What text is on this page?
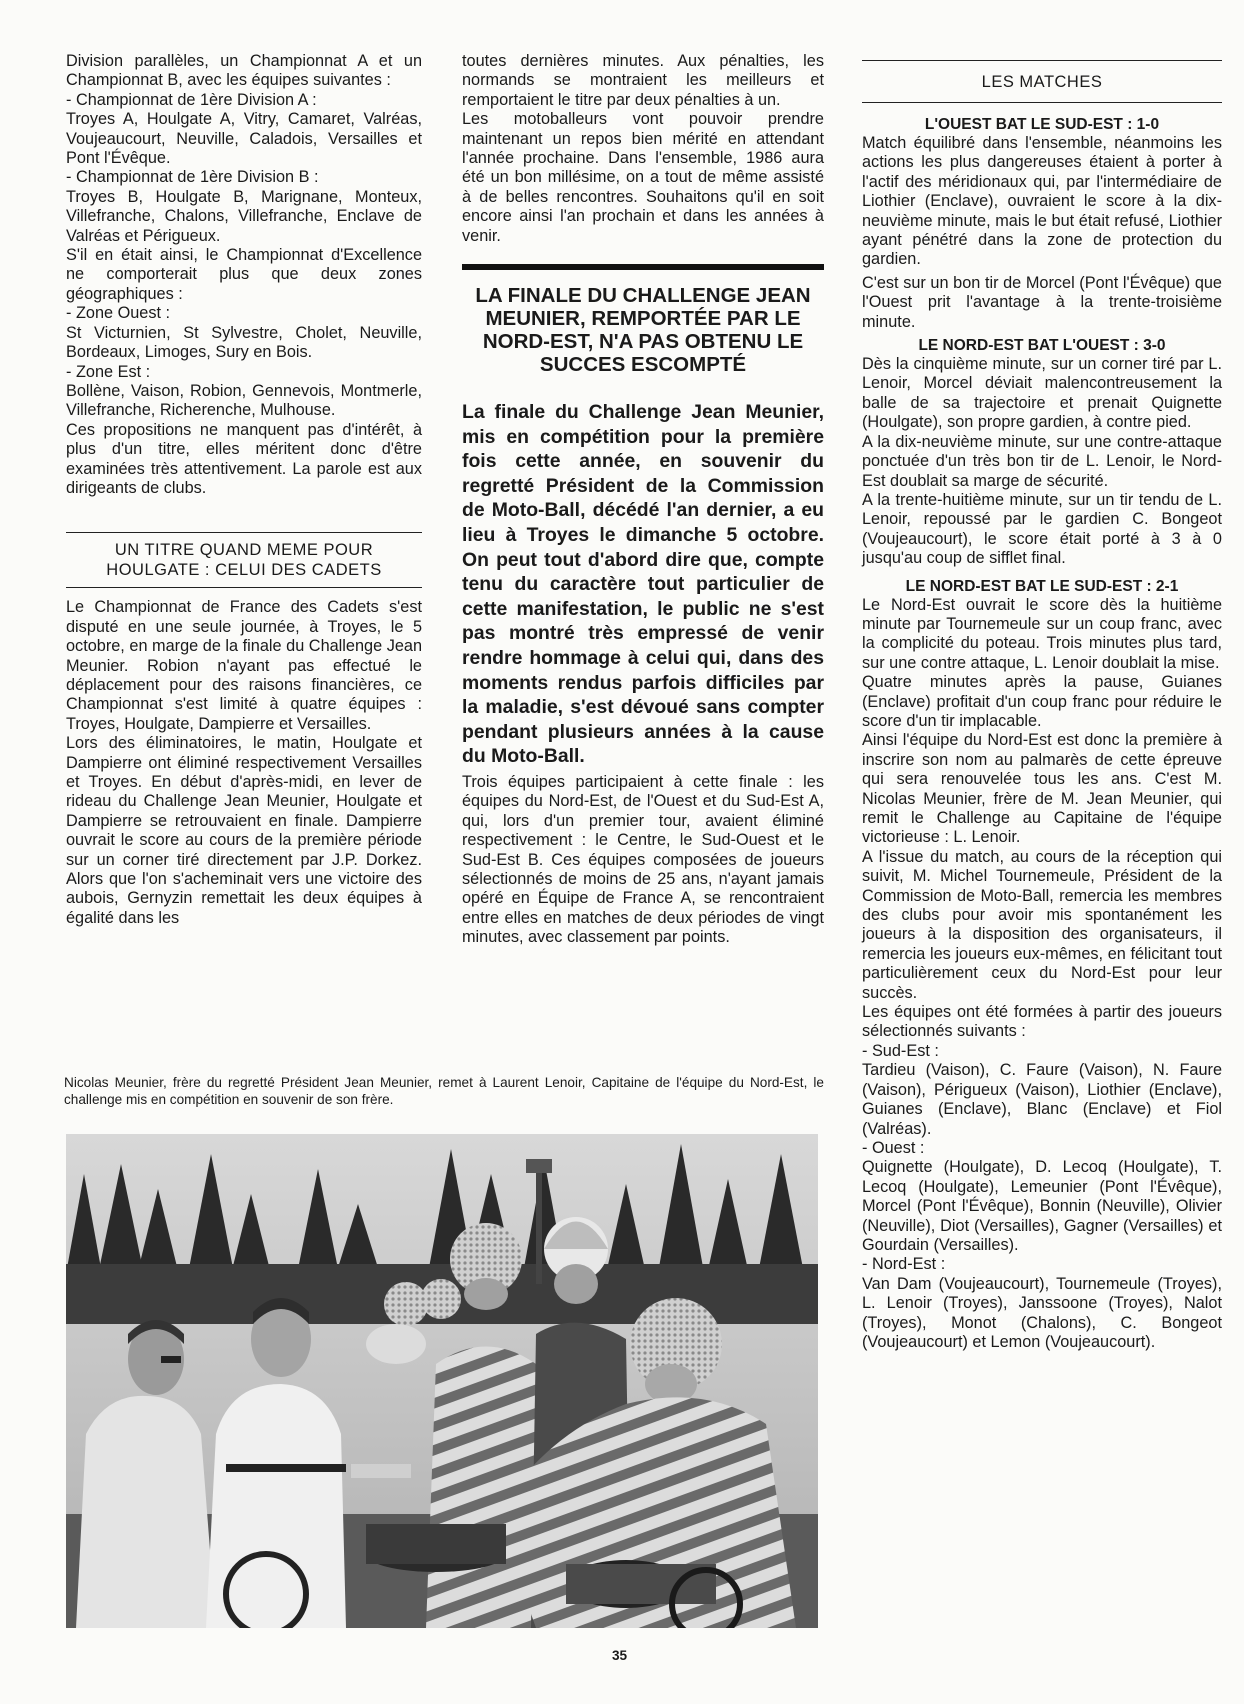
Division parallèles, un Championnat A et un Championnat B, avec les équipes suivantes :

- Championnat de 1ère Division A :

Troyes A, Houlgate A, Vitry, Camaret, Valréas, Voujeaucourt, Neuville, Caladois, Versailles et Pont l'Évêque.

- Championnat de 1ère Division B :

Troyes B, Houlgate B, Marignane, Monteux, Villefranche, Chalons, Villefranche, Enclave de Valréas et Périgueux.

S'il en était ainsi, le Championnat d'Excellence ne comporterait plus que deux zones géographiques :

- Zone Ouest :

St Victurnien, St Sylvestre, Cholet, Neuville, Bordeaux, Limoges, Sury en Bois.

- Zone Est :

Bollène, Vaison, Robion, Gennevois, Montmerle, Villefranche, Richerenche, Mulhouse.

Ces propositions ne manquent pas d'intérêt, à plus d'un titre, elles méritent donc d'être examinées très attentivement. La parole est aux dirigeants de clubs.

UN TITRE QUAND MEME POUR HOULGATE : CELUI DES CADETS

Le Championnat de France des Cadets s'est disputé en une seule journée, à Troyes, le 5 octobre, en marge de la finale du Challenge Jean Meunier. Robion n'ayant pas effectué le déplacement pour des raisons financières, ce Championnat s'est limité à quatre équipes : Troyes, Houlgate, Dampierre et Versailles.

Lors des éliminatoires, le matin, Houlgate et Dampierre ont éliminé respectivement Versailles et Troyes. En début d'après-midi, en lever de rideau du Challenge Jean Meunier, Houlgate et Dampierre se retrouvaient en finale. Dampierre ouvrait le score au cours de la première période sur un corner tiré directement par J.P. Dorkez. Alors que l'on s'acheminait vers une victoire des aubois, Gernyzin remettait les deux équipes à égalité dans les

toutes dernières minutes. Aux pénalties, les normands se montraient les meilleurs et remportaient le titre par deux pénalties à un.

Les motoballeurs vont pouvoir prendre maintenant un repos bien mérité en attendant l'année prochaine. Dans l'ensemble, 1986 aura été un bon millésime, on a tout de même assisté à de belles rencontres. Souhaitons qu'il en soit encore ainsi l'an prochain et dans les années à venir.

LA FINALE DU CHALLENGE JEAN MEUNIER, REMPORTÉE PAR LE NORD-EST, N'A PAS OBTENU LE SUCCES ESCOMPTÉ

La finale du Challenge Jean Meunier, mis en compétition pour la première fois cette année, en souvenir du regretté Président de la Commission de Moto-Ball, décédé l'an dernier, a eu lieu à Troyes le dimanche 5 octobre. On peut tout d'abord dire que, compte tenu du caractère tout particulier de cette manifestation, le public ne s'est pas montré très empressé de venir rendre hommage à celui qui, dans des moments rendus parfois difficiles par la maladie, s'est dévoué sans compter pendant plusieurs années à la cause du Moto-Ball.

Trois équipes participaient à cette finale : les équipes du Nord-Est, de l'Ouest et du Sud-Est A, qui, lors d'un premier tour, avaient éliminé respectivement : le Centre, le Sud-Ouest et le Sud-Est B. Ces équipes composées de joueurs sélectionnés de moins de 25 ans, n'ayant jamais opéré en Équipe de France A, se rencontraient entre elles en matches de deux périodes de vingt minutes, avec classement par points.

LES MATCHES
L'OUEST BAT LE SUD-EST : 1-0

Match équilibré dans l'ensemble, néanmoins les actions les plus dangereuses étaient à porter à l'actif des méridionaux qui, par l'intermédiaire de Liothier (Enclave), ouvraient le score à la dix-neuvième minute, mais le but était refusé, Liothier ayant pénétré dans la zone de protection du gardien.

C'est sur un bon tir de Morcel (Pont l'Évêque) que l'Ouest prit l'avantage à la trente-troisième minute.

LE NORD-EST BAT L'OUEST : 3-0

Dès la cinquième minute, sur un corner tiré par L. Lenoir, Morcel déviait malencontreusement la balle de sa trajectoire et prenait Quignette (Houlgate), son propre gardien, à contre pied.

A la dix-neuvième minute, sur une contre-attaque ponctuée d'un très bon tir de L. Lenoir, le Nord-Est doublait sa marge de sécurité.

A la trente-huitième minute, sur un tir tendu de L. Lenoir, repoussé par le gardien C. Bongeot (Voujeaucourt), le score était porté à 3 à 0 jusqu'au coup de sifflet final.

LE NORD-EST BAT LE SUD-EST : 2-1

Le Nord-Est ouvrait le score dès la huitième minute par Tournemeule sur un coup franc, avec la complicité du poteau. Trois minutes plus tard, sur une contre attaque, L. Lenoir doublait la mise.

Quatre minutes après la pause, Guianes (Enclave) profitait d'un coup franc pour réduire le score d'un tir implacable.

Ainsi l'équipe du Nord-Est est donc la première à inscrire son nom au palmarès de cette épreuve qui sera renouvelée tous les ans. C'est M. Nicolas Meunier, frère de M. Jean Meunier, qui remit le Challenge au Capitaine de l'équipe victorieuse : L. Lenoir.

A l'issue du match, au cours de la réception qui suivit, M. Michel Tournemeule, Président de la Commission de Moto-Ball, remercia les membres des clubs pour avoir mis spontanément les joueurs à la disposition des organisateurs, il remercia les joueurs eux-mêmes, en félicitant tout particulièrement ceux du Nord-Est pour leur succès.

Les équipes ont été formées à partir des joueurs sélectionnés suivants :

- Sud-Est :

Tardieu (Vaison), C. Faure (Vaison), N. Faure (Vaison), Périgueux (Vaison), Liothier (Enclave), Guianes (Enclave), Blanc (Enclave) et Fiol (Valréas).

- Ouest :

Quignette (Houlgate), D. Lecoq (Houlgate), T. Lecoq (Houlgate), Lemeunier (Pont l'Évêque), Morcel (Pont l'Évêque), Bonnin (Neuville), Olivier (Neuville), Diot (Versailles), Gagner (Versailles) et Gourdain (Versailles).

- Nord-Est :

Van Dam (Voujeaucourt), Tournemeule (Troyes), L. Lenoir (Troyes), Janssoone (Troyes), Nalot (Troyes), Monot (Chalons), C. Bongeot (Voujeaucourt) et Lemon (Voujeaucourt).

Nicolas Meunier, frère du regretté Président Jean Meunier, remet à Laurent Lenoir, Capitaine de l'équipe du Nord-Est, le challenge mis en compétition en souvenir de son frère.

35
